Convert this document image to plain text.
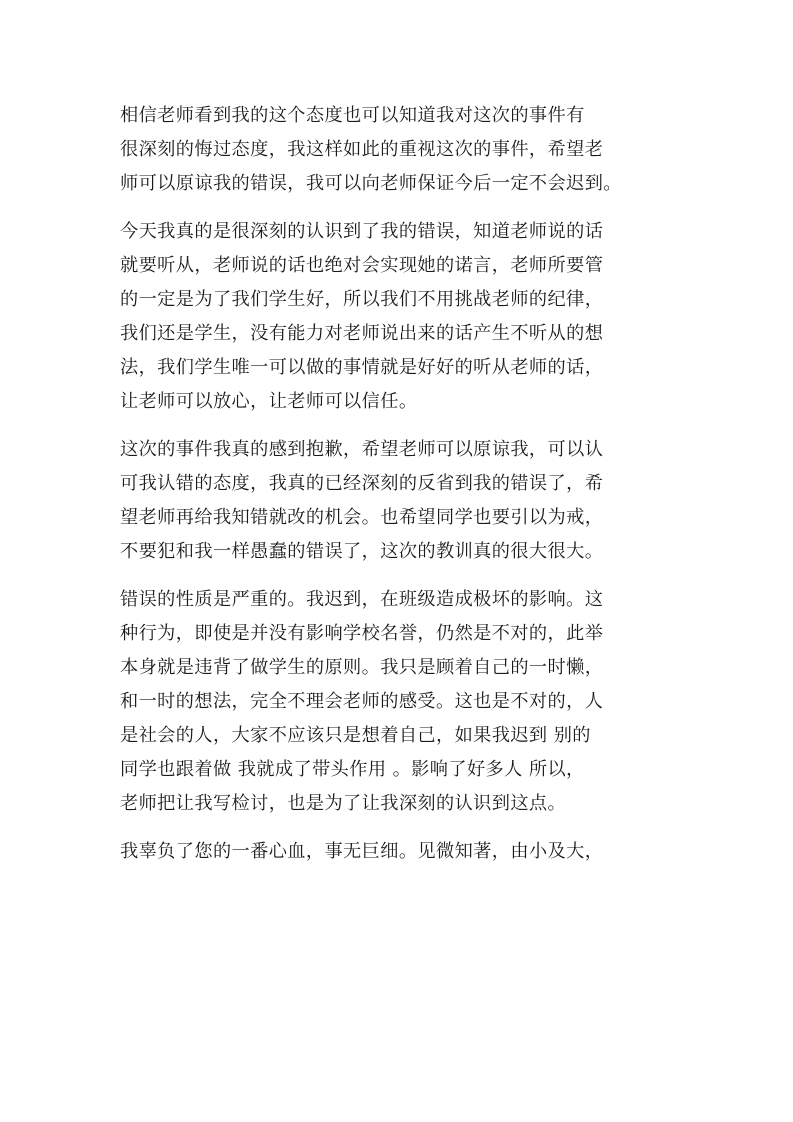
相信老师看到我的这个态度也可以知道我对这次的事件有
很深刻的悔过态度，我这样如此的重视这次的事件，希望老
师可以原谅我的错误，我可以向老师保证今后一定不会迟到。
今天我真的是很深刻的认识到了我的错误，知道老师说的话
就要听从，老师说的话也绝对会实现她的诺言，老师所要管
的一定是为了我们学生好，所以我们不用挑战老师的纪律，
我们还是学生，没有能力对老师说出来的话产生不听从的想
法，我们学生唯一可以做的事情就是好好的听从老师的话，
让老师可以放心，让老师可以信任。
这次的事件我真的感到抱歉，希望老师可以原谅我，可以认
可我认错的态度，我真的已经深刻的反省到我的错误了，希
望老师再给我知错就改的机会。也希望同学也要引以为戒，
不要犯和我一样愚蠢的错误了，这次的教训真的很大很大。
错误的性质是严重的。我迟到，在班级造成极坏的影响。这
种行为，即使是并没有影响学校名誉，仍然是不对的，此举
本身就是违背了做学生的原则。我只是顾着自己的一时懒，
和一时的想法，完全不理会老师的感受。这也是不对的，人
是社会的人，大家不应该只是想着自己，如果我迟到 别的
同学也跟着做 我就成了带头作用 。影响了好多人 所以，
老师把让我写检讨，也是为了让我深刻的认识到这点。
我辜负了您的一番心血，事无巨细。见微知著，由小及大，
